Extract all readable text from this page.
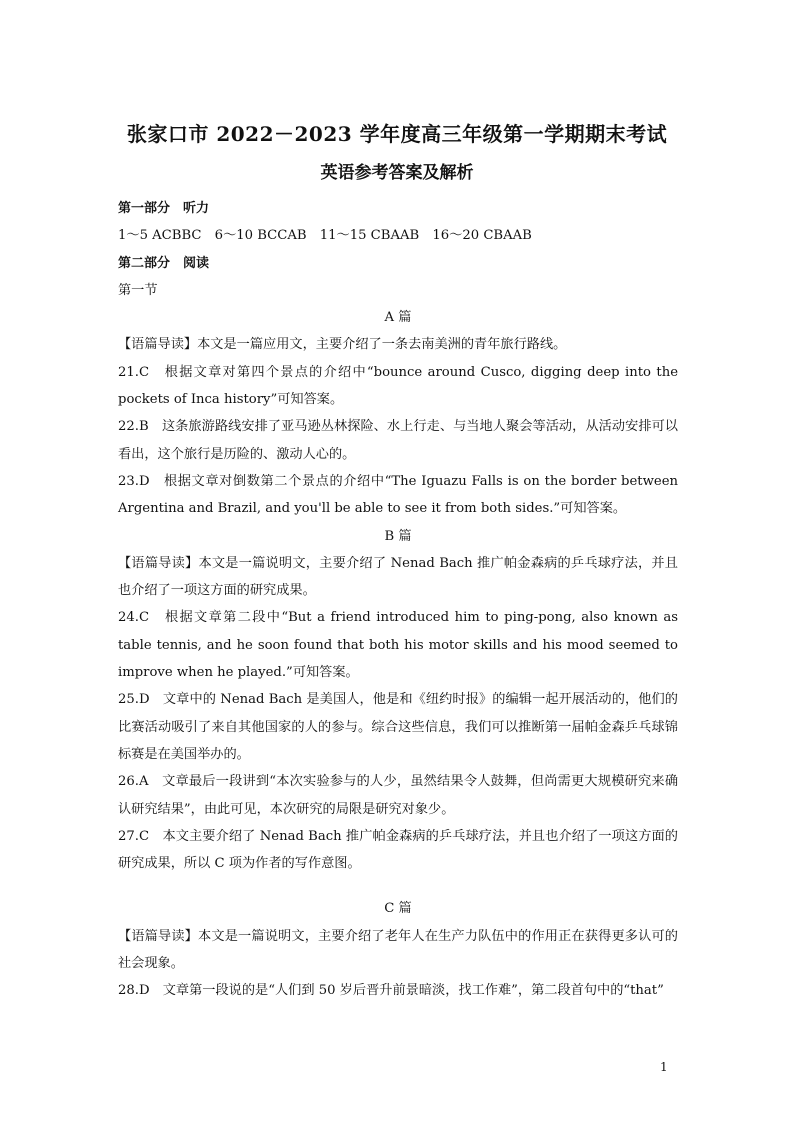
张家口市 2022－2023 学年度高三年级第一学期期末考试
英语参考答案及解析

第一部分　听力

1～5 ACBBC　6～10 BCCAB　11～15 CBAAB　16～20 CBAAB

第二部分　阅读

第一节

A 篇

【语篇导读】本文是一篇应用文，主要介绍了一条去南美洲的青年旅行路线。

21.C　根据文章对第四个景点的介绍中“bounce around Cusco, digging deep into the pockets of Inca history”可知答案。

22.B　这条旅游路线安排了亚马逊丛林探险、水上行走、与当地人聚会等活动，从活动安排可以看出，这个旅行是历险的、激动人心的。

23.D　根据文章对倒数第二个景点的介绍中“The Iguazu Falls is on the border between Argentina and Brazil, and you'll be able to see it from both sides.”可知答案。

B 篇

【语篇导读】本文是一篇说明文，主要介绍了 Nenad Bach 推广帕金森病的乒乓球疗法，并且也介绍了一项这方面的研究成果。

24.C　根据文章第二段中“But a friend introduced him to ping-pong, also known as table tennis, and he soon found that both his motor skills and his mood seemed to improve when he played.”可知答案。

25.D　文章中的 Nenad Bach 是美国人，他是和《纽约时报》的编辑一起开展活动的，他们的比赛活动吸引了来自其他国家的人的参与。综合这些信息，我们可以推断第一届帕金森乒乓球锦标赛是在美国举办的。

26.A　文章最后一段讲到“本次实验参与的人少，虽然结果令人鼓舞，但尚需更大规模研究来确认研究结果”，由此可见，本次研究的局限是研究对象少。

27.C　本文主要介绍了 Nenad Bach 推广帕金森病的乒乓球疗法，并且也介绍了一项这方面的研究成果，所以 C 项为作者的写作意图。

C 篇

【语篇导读】本文是一篇说明文，主要介绍了老年人在生产力队伍中的作用正在获得更多认可的社会现象。

28.D　文章第一段说的是“人们到 50 岁后晋升前景暗淡，找工作难”，第二段首句中的“that”

1
